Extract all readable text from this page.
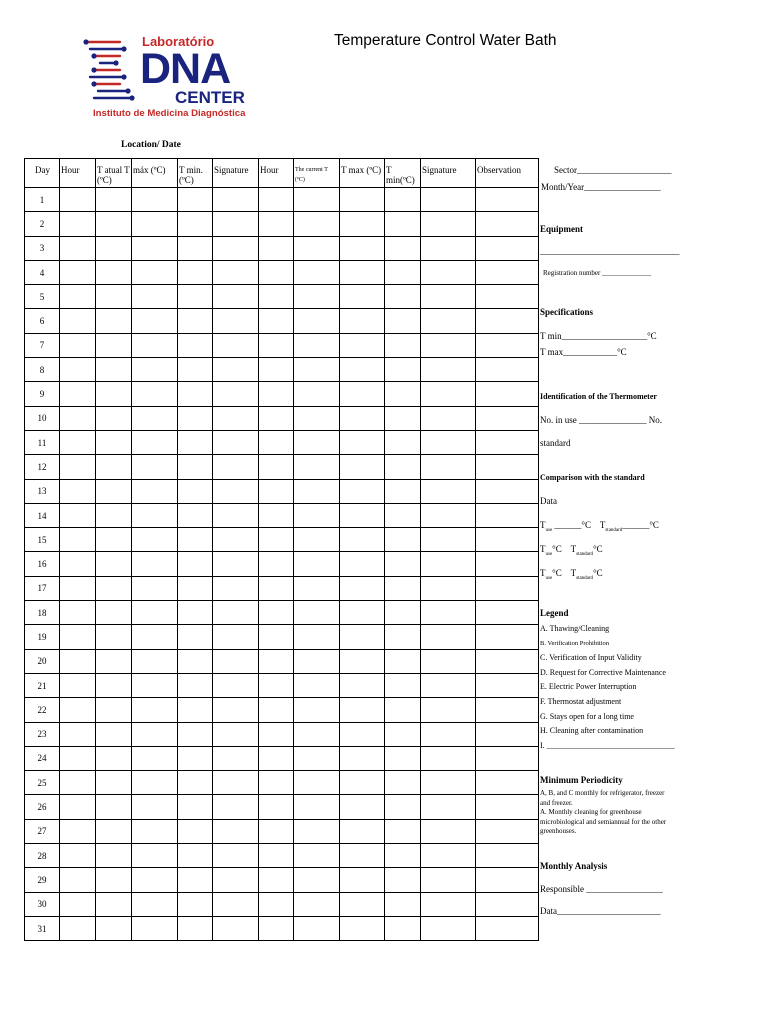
Laboratório
DNA
CENTER
Instituto de Medicina Diagnóstica
Temperature Control Water Bath
Location/ Date
Day	Hour	T atual T (ºC)	máx (ºC)	T min. (ºC)	Signature	Hour	The current T (ºC)	T max (ºC)	T min(ºC)	Signature	Observation
1											
2											
3											
4											
5											
6											
7											
8											
9											
10											
11											
12											
13											
14											
15											
16											
17											
18											
19											
20											
21											
22											
23											
24											
25											
26											
27											
28											
29											
30											
31											
Sector_____________________
Month/Year_________________
Equipment
_______________________________
Registration number ______________
Specifications
T min___________________°C
T max____________°C
Identification of the Thermometer
No. in use _______________ No.
standard
Comparison with the standard
Data
$T_{use}$ ______°C    $T_{standard}\_\_\_\_\_\_^\circ C$
$T_{use}^\circ C$    $T_{standard}^\circ C$
$T_{use}^\circ C$    $T_{standard}^\circ C$
Legend
A. Thawing/Cleaning
B. Verification Prohibition
C. Verification of Input Validity
D. Request for Corrective Maintenance
E. Electric Power Interruption
F. Thermostat adjustment
G. Stays open for a long time
H. Cleaning after contamination
I. ________________________________
Minimum Periodicity
A, B, and C monthly for refrigerator, freezer and freezer.
A. Monthly cleaning for greenhouse microbiological and semiannual for the other greenhouses.
Monthly Analysis
Responsible _________________
Data_______________________
